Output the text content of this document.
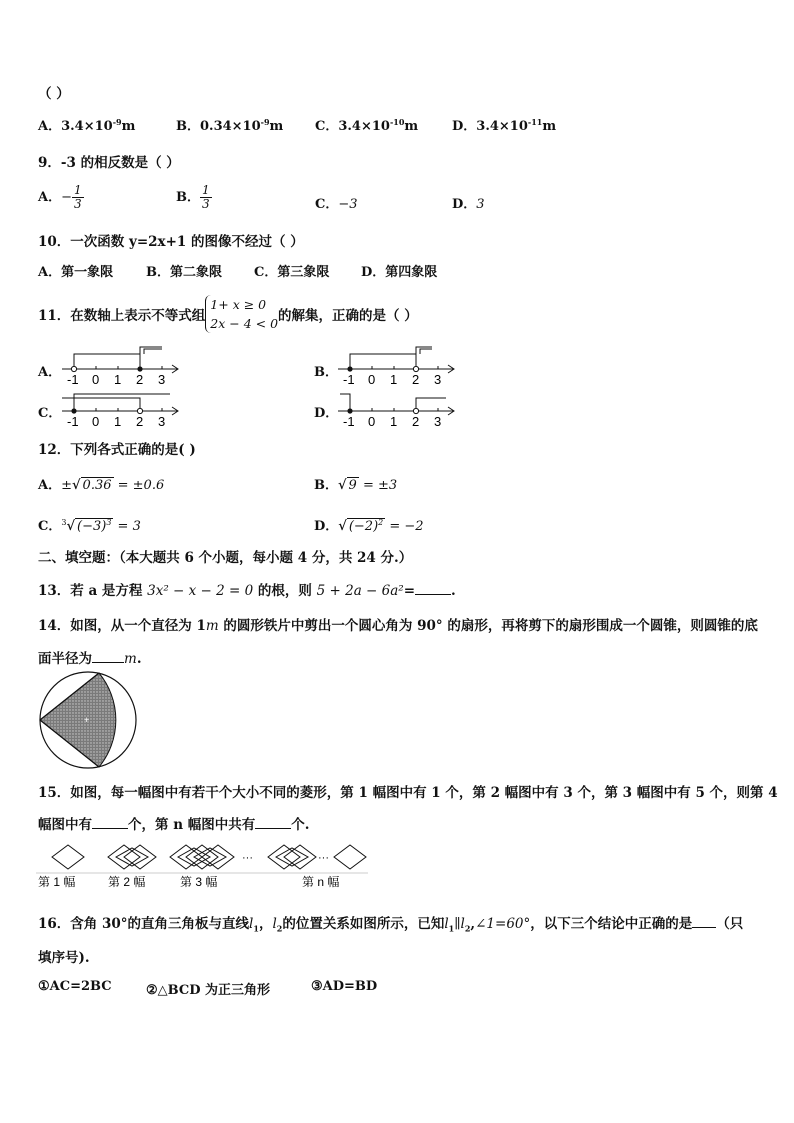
（ ）
A．$3.4\times 10^{-9}m$	B．$0.34\times 10^{-9}m$ C．$3.4\times 10^{-10}m$	D．$3.4\times 10^{-11}m$
9．-3 的相反数是（ ）
A．− $\frac{1}{3}$	B． $\frac{1}{3}$	C．−3	D．3
10．一次函数 y=2x+1 的图像不经过（ ）
A．第一象限	B．第二象限 C．第三象限 D．第四象限
11．在数轴上表示不等式组
1+ x ≥ 0
2x − 4 < 0 的解集，正确的是（ ）
A．	B．
C．	D．
-1 0 1 2 3	-1 0 1 2 3
-1 0 1 2 3	-1 0 1 2 3
12．下列各式正确的是( )
A．±√ 0.36 = ±0.6	B．√ 9 = ±3
C．$^3$√ $(-3)^3 = 3$	D．√ $(-2)^2 = -2$
二、填空题：（本大题共 6 个小题，每小题 4 分，共 24 分.）
13．若 a 是方程 3x² − x − 2 = 0 的根，则 5 + 2a − 6a²=	.
14．如图，从一个直径为 1m 的圆形铁片中剪出一个圆心角为 90° 的扇形，再将剪下的扇形围成一个圆锥，则圆锥的底
面半径为 m.
+
15．如图，每一幅图中有若干个大小不同的菱形，第 1 幅图中有 1 个，第 2 幅图中有 3 个，第 3 幅图中有 5 个，则第 4
幅图中有	个，第 n 幅图中共有	个.
···	···
第 1 幅	第 2 幅	第 3 幅	第 n 幅
16．含角 30°的直角三角板与直线$l_1$，$l_2$的位置关系如图所示，已知$l_1\parallel l_2,\angle 1=60^\circ$，以下三个结论中正确的是 （只
填序号).
①AC=2BC	②△BCD 为正三角形	③AD=BD
